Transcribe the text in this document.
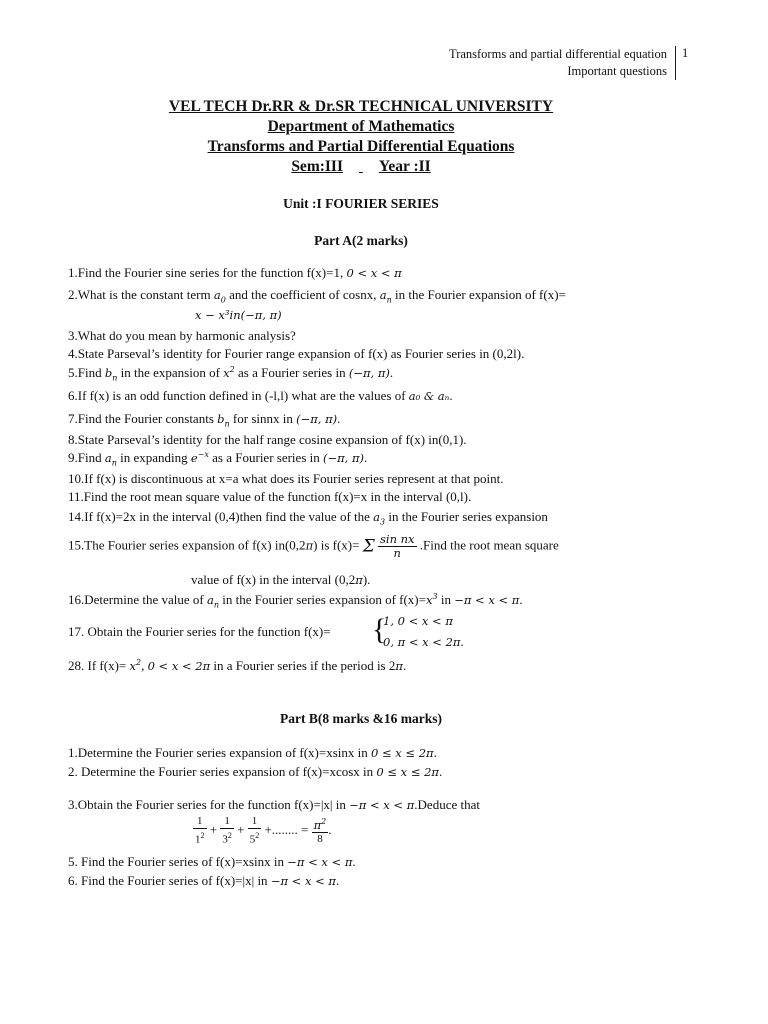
Transforms and partial differential equation
Important questions
1
VEL TECH Dr.RR & Dr.SR TECHNICAL UNIVERSITY
Department of Mathematics
Transforms and Partial Differential Equations
Sem:III Year :II
Unit :I FOURIER SERIES
Part A(2 marks)
1.Find the Fourier sine series for the function f(x)=1, 0 < x < π
2.What is the constant term $a_0$ and the coefficient of cosnx, $a_n$ in the Fourier expansion of f(x)=
x − x³in(−π, π)
3.What do you mean by harmonic analysis?
4.State Parseval’s identity for Fourier range expansion of f(x) as Fourier series in (0,2l).
5.Find $b_n$ in the expansion of $x^2$ as a Fourier series in (−π, π).
6.If f(x) is an odd function defined in (-l,l) what are the values of a₀ & aₙ.
7.Find the Fourier constants $b_n$ for sinnx in (−π, π).
8.State Parseval’s identity for the half range cosine expansion of f(x) in(0,1).
9.Find $a_n$ in expanding $e^{-x}$ as a Fourier series in (−π, π).
10.If f(x) is discontinuous at x=a what does its Fourier series represent at that point.
11.Find the root mean square value of the function f(x)=x in the interval (0,l).
14.If f(x)=2x in the interval (0,4)then find the value of the $a_3$ in the Fourier series expansion
15.The Fourier series expansion of f(x) in(0,2π) is f(x)= Σ $\frac{\text{sin nx}}{n}$ .Find the root mean square
value of f(x) in the interval (0,2π).
16.Determine the value of $a_n$ in the Fourier series expansion of $f(x)=x^3$ in −π < x < π.
17. Obtain the Fourier series for the function f(x)= {
1, 0 < x < π
0, π < x < 2π.
28. If $f(x)= x^2$, 0 < x < 2π in a Fourier series if the period is 2π.
Part B(8 marks &16 marks)
1.Determine the Fourier series expansion of f(x)=xsinx in 0 ≤ x ≤ 2π.
2. Determine the Fourier series expansion of f(x)=xcosx in 0 ≤ x ≤ 2π.
3.Obtain the Fourier series for the function f(x)=|x| in −π < x < π.Deduce that
$\frac{1}{1^2} + \frac{1}{3^2} + \frac{1}{5^2}$ +........ = $\frac{\pi^2}{8}$ .
5. Find the Fourier series of f(x)=xsinx in −π < x < π.
6. Find the Fourier series of f(x)=|x| in −π < x < π.
